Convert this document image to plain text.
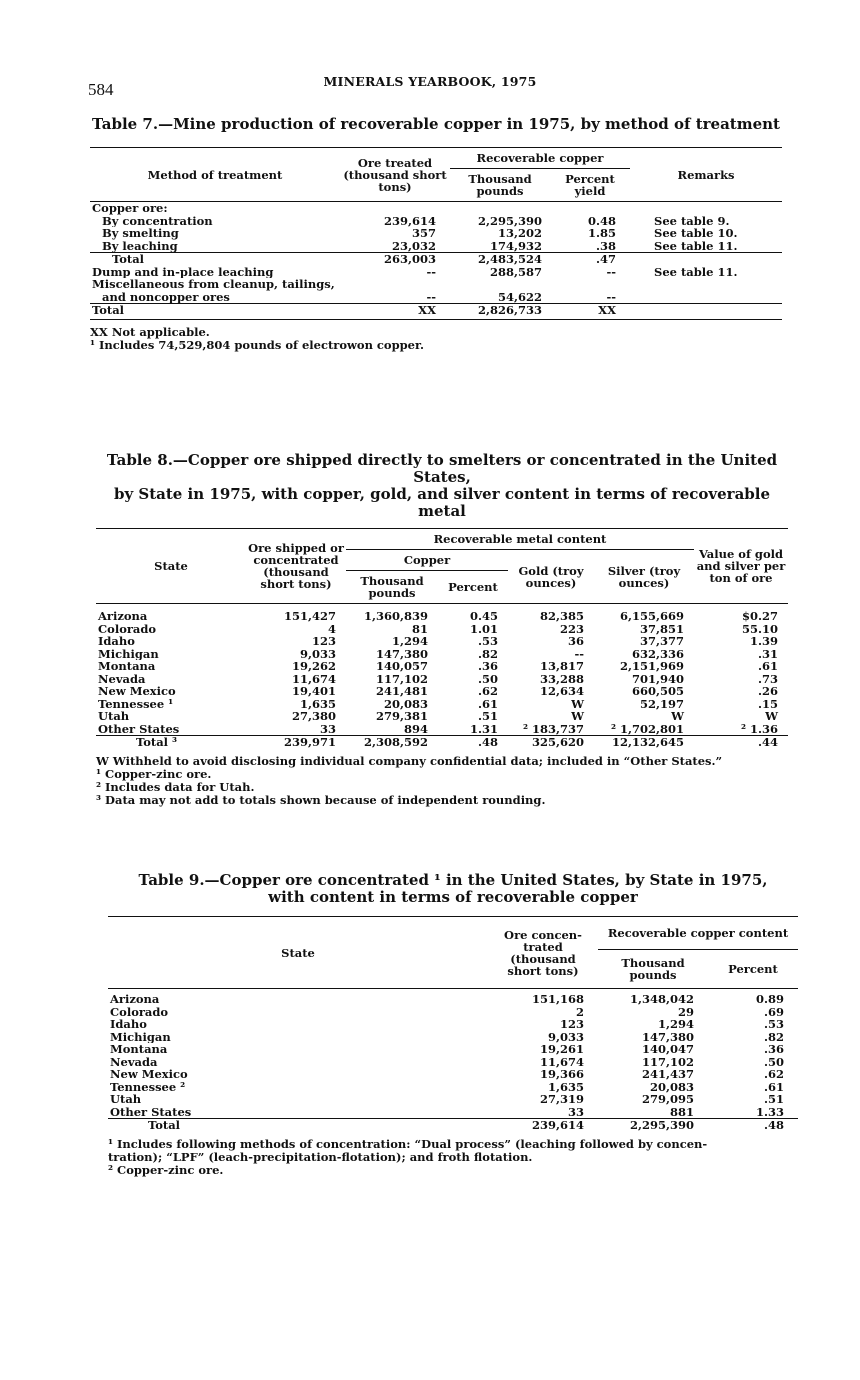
584	MINERALS YEARBOOK, 1975
Table 7.—Mine production of recoverable copper in 1975, by method of treatment
Method of treatment	Ore treated (thousand short tons)	Recoverable copper		Remarks
		Thousand pounds	Percent yield	
Copper ore:				
By concentration	239,614	2,295,390	0.48	See table 9.
By smelting	357	13,202	1.85	See table 10.
By leaching	23,032	174,932	.38	See table 11.
Total	263,003	2,483,524	.47	
Dump and in-place leaching	--	288,587	--	See table 11.
Miscellaneous from cleanup, tailings,				
and noncopper ores	--	54,622	--	
Total	XX	2,826,733	XX	
XX Not applicable.
¹ Includes 74,529,804 pounds of electrowon copper.
Table 8.—Copper ore shipped directly to smelters or concentrated in the United States,
by State in 1975, with copper, gold, and silver content in terms of recoverable metal
State	Ore shipped or concentrated (thousand short tons)	Recoverable metal content				Value of gold and silver per ton of ore
		Copper		Gold (troy ounces)	Silver (troy ounces)	
		Thousand pounds	Percent			

Arizona	151,427	1,360,839	0.45	82,385	6,155,669	$0.27
Colorado	4	81	1.01	223	37,851	55.10
Idaho	123	1,294	.53	36	37,377	1.39
Michigan	9,033	147,380	.82	--	632,336	.31
Montana	19,262	140,057	.36	13,817	2,151,969	.61
Nevada	11,674	117,102	.50	33,288	701,940	.73
New Mexico	19,401	241,481	.62	12,634	660,505	.26
Tennessee ¹	1,635	20,083	.61	W	52,197	.15
Utah	27,380	279,381	.51	W	W	W
Other States	33	894	1.31	² 183,737	² 1,702,801	² 1.36
Total ³	239,971	2,308,592	.48	325,620	12,132,645	.44
W Withheld to avoid disclosing individual company confidential data; included in “Other States.”
¹ Copper-zinc ore.
² Includes data for Utah.
³ Data may not add to totals shown because of independent rounding.
Table 9.—Copper ore concentrated ¹ in the United States, by State in 1975,
with content in terms of recoverable copper
State	Ore concen- trated (thousand short tons)	Recoverable copper content	
		Thousand pounds	Percent

Arizona	151,168	1,348,042	0.89
Colorado	2	29	.69
Idaho	123	1,294	.53
Michigan	9,033	147,380	.82
Montana	19,261	140,047	.36
Nevada	11,674	117,102	.50
New Mexico	19,366	241,437	.62
Tennessee ²	1,635	20,083	.61
Utah	27,319	279,095	.51
Other States	33	881	1.33
Total	239,614	2,295,390	.48
¹ Includes following methods of concentration: “Dual process” (leaching followed by concen-
tration); “LPF” (leach-precipitation-flotation); and froth flotation.
² Copper-zinc ore.
